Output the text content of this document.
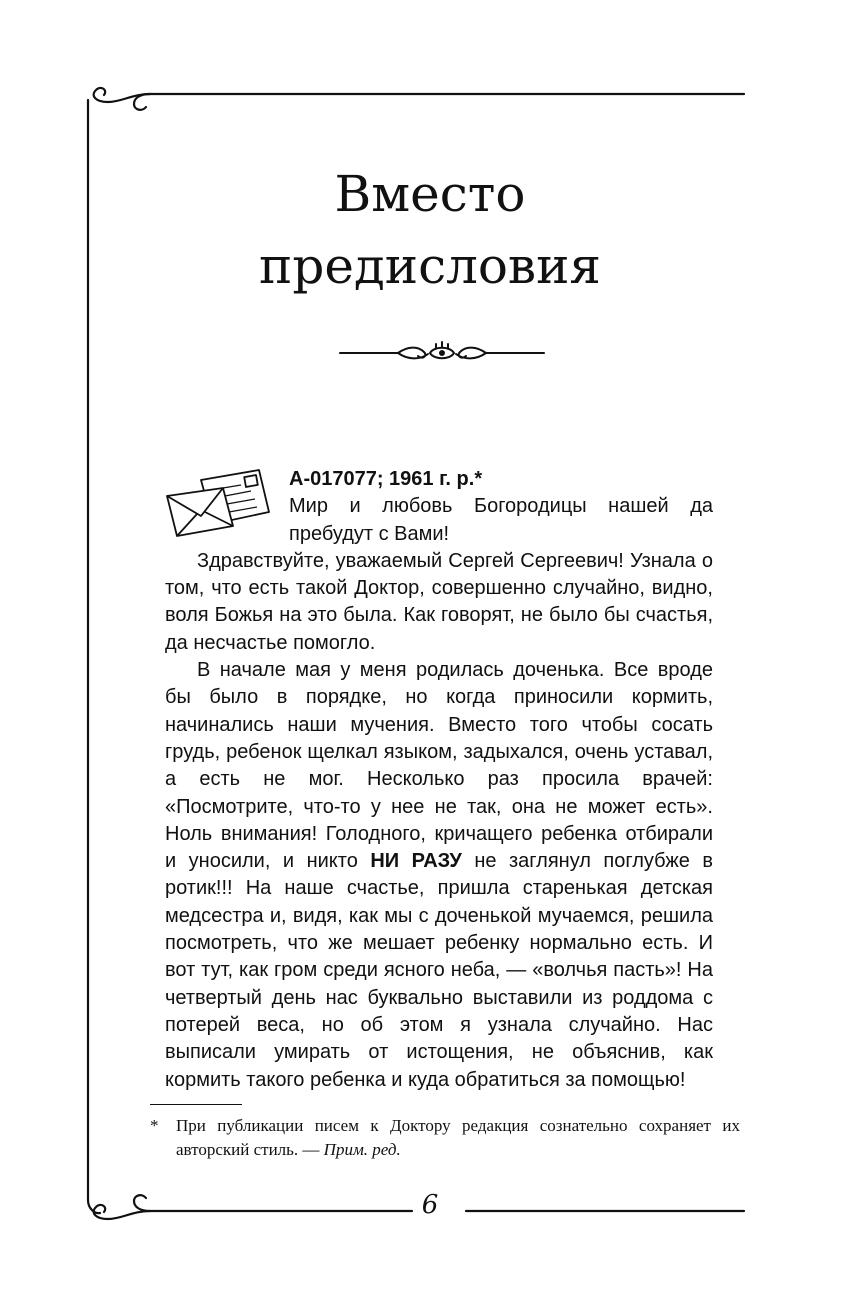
Вместо
предисловия

А-017077; 1961 г. р.*

Мир и любовь Богородицы нашей да пребудут с Вами!

Здравствуйте, уважаемый Сергей Сергеевич! Узнала о том, что есть такой Доктор, совершенно случайно, видно, воля Божья на это была. Как говорят, не было бы счастья, да несчастье помогло.

В начале мая у меня родилась доченька. Все вроде бы было в порядке, но когда приносили кормить, начинались наши мучения. Вместо того чтобы сосать грудь, ребенок щелкал языком, задыхался, очень уставал, а есть не мог. Несколько раз просила врачей: «Посмотрите, что-то у нее не так, она не может есть». Ноль внимания! Голодного, кричащего ребенка отбирали и уносили, и никто НИ РАЗУ не заглянул поглубже в ротик!!! На наше счастье, пришла старенькая детская медсестра и, видя, как мы с доченькой мучаемся, решила посмотреть, что же мешает ребенку нормально есть. И вот тут, как гром среди ясного неба, — «волчья пасть»! На четвертый день нас буквально выставили из роддома с потерей веса, но об этом я узнала случайно. Нас выписали умирать от истощения, не объяснив, как кормить такого ребенка и куда обратиться за помощью!

* При публикации писем к Доктору редакция сознательно сохраняет их авторский стиль. — Прим. ред.
6
